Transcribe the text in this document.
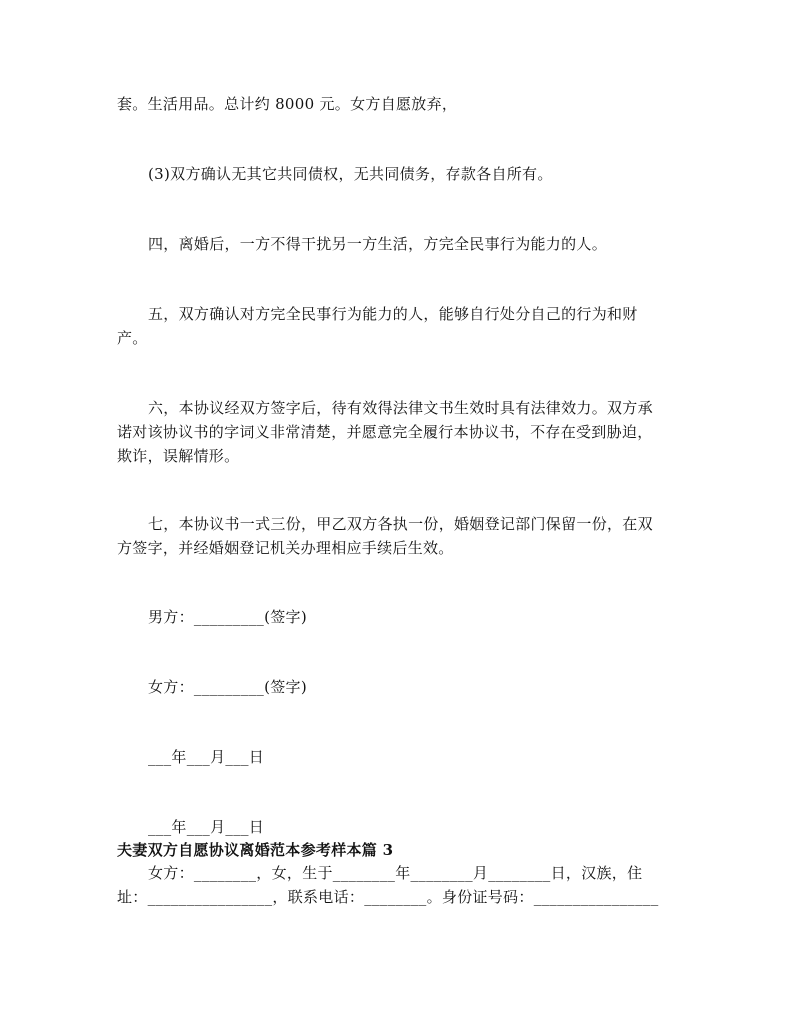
套。生活用品。总计约 8000 元。女方自愿放弃，
(3)双方确认无其它共同债权，无共同债务，存款各自所有。
四，离婚后，一方不得干扰另一方生活，方完全民事行为能力的人。
五，双方确认对方完全民事行为能力的人，能够自行处分自己的行为和财
产。
六，本协议经双方签字后，待有效得法律文书生效时具有法律效力。双方承
诺对该协议书的字词义非常清楚，并愿意完全履行本协议书，不存在受到胁迫，
欺诈，误解情形。
七，本协议书一式三份，甲乙双方各执一份，婚姻登记部门保留一份，在双
方签字，并经婚姻登记机关办理相应手续后生效。
男方：_________(签字)
女方：_________(签字)
___年___月___日
___年___月___日
夫妻双方自愿协议离婚范本参考样本篇 3
女方：________，女，生于________年________月________日，汉族，住
址：________________，联系电话：________。身份证号码：________________
